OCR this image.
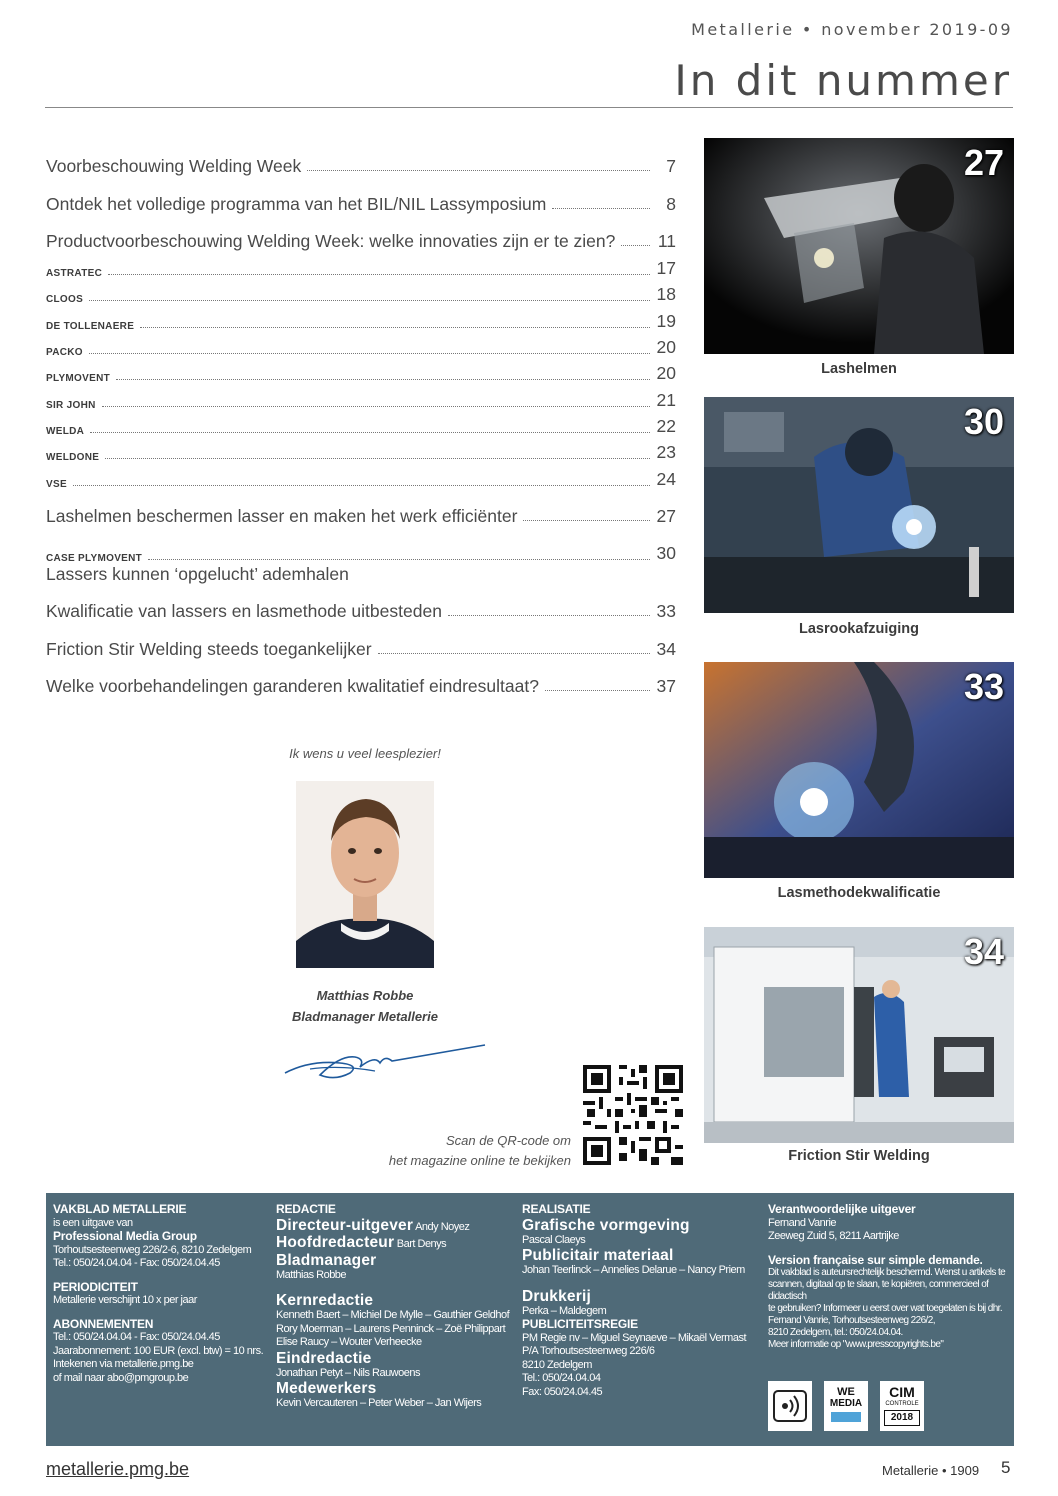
Metallerie • november 2019-09
In dit nummer
Voorbeschouwing Welding Week	7
Ontdek het volledige programma van het BIL/NIL Lassymposium	8
Productvoorbeschouwing Welding Week: welke innovaties zijn er te zien? 11
ASTRATEC	17
CLOOS	18
DE TOLLENAERE	19
PACKO	20
PLYMOVENT	20
SIR JOHN	21
WELDA	22
WELDONE	23
VSE	24
Lashelmen beschermen lasser en maken het werk efficiënter	27
CASE PLYMOVENT	30
Lassers kunnen ‘opgelucht’ ademhalen
Kwalificatie van lassers en lasmethode uitbesteden	33
Friction Stir Welding steeds toegankelijker	34
Welke voorbehandelingen garanderen kwalitatief eindresultaat?	37
27
Lashelmen
30
Lasrookafzuiging
33
Lasmethodekwalificatie
34
Friction Stir Welding
Ik wens u veel leesplezier!
Matthias Robbe
Bladmanager Metallerie
Scan de QR-code om
het magazine online te bekijken
VAKBLAD METALLERIE
is een uitgave van
Professional Media Group
Torhoutsesteenweg 226/2-6, 8210 Zedelgem
Tel.: 050/24.04.04 - Fax: 050/24.04.45
PERIODICITEIT
Metallerie verschijnt 10 x per jaar
ABONNEMENTEN
Tel.: 050/24.04.04 - Fax: 050/24.04.45
Jaarabonnement: 100 EUR (excl. btw) = 10 nrs.
Intekenen via metallerie.pmg.be
of mail naar abo@pmgroup.be
REDACTIE
Directeur-uitgever Andy Noyez
Hoofdredacteur Bart Denys
Bladmanager
Matthias Robbe
Kernredactie
Kenneth Baert – Michiel De Mylle – Gauthier Geldhof
Rory Moerman – Laurens Penninck – Zoë Philippart
Elise Raucy – Wouter Verheecke
Eindredactie
Jonathan Petyt – Nils Rauwoens
Medewerkers
Kevin Vercauteren – Peter Weber – Jan Wijers
REALISATIE
Grafische vormgeving
Pascal Claeys
Publicitair materiaal
Johan Teerlinck – Annelies Delarue – Nancy Priem
Drukkerij
Perka – Maldegem
PUBLICITEITSREGIE
PM Regie nv – Miguel Seynaeve – Mikaël Vermast
P/A Torhoutsesteenweg 226/6
8210 Zedelgem
Tel.: 050/24.04.04
Fax: 050/24.04.45
Verantwoordelijke uitgever
Fernand Vanrie
Zeeweg Zuid 5, 8211 Aartrijke
Version française sur simple demande.
Dit vakblad is auteursrechtelijk beschermd. Wenst u artikels te
scannen, digitaal op te slaan, te kopiëren, commercieel of didactisch
te gebruiken? Informeer u eerst over wat toegelaten is bij dhr.
Fernand Vanrie, Torhoutsesteenweg 226/2,
8210 Zedelgem, tel.: 050/24.04.04.
Meer informatie op "www.presscopyrights.be"
WE
MEDIA
CIM
CONTROLE
2018
metallerie.pmg.be	Metallerie • 1909 5
